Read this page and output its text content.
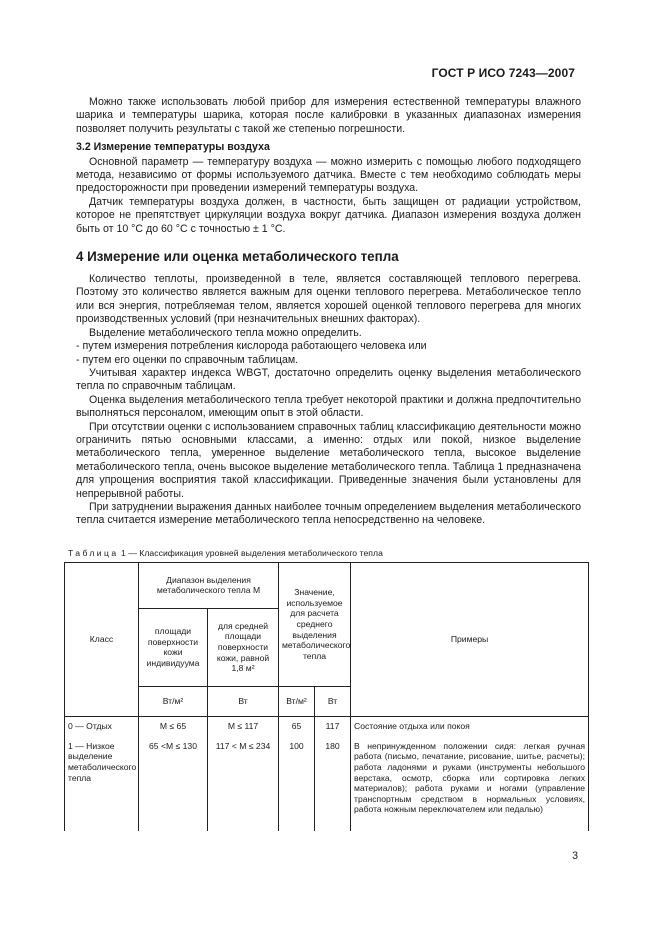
ГОСТ Р ИСО 7243—2007

Можно также использовать любой прибор для измерения естественной температуры влажного шарика и температуры шарика, которая после калибровки в указанных диапазонах измерения позволяет получить результаты с такой же степенью погрешности.

3.2 Измерение температуры воздуха

Основной параметр — температуру воздуха — можно измерить с помощью любого подходящего метода, независимо от формы используемого датчика. Вместе с тем необходимо соблюдать меры предосторожности при проведении измерений температуры воздуха.

Датчик температуры воздуха должен, в частности, быть защищен от радиации устройством, которое не препятствует циркуляции воздуха вокруг датчика. Диапазон измерения воздуха должен быть от 10 °С до 60 °С с точностью ± 1 °С.

4 Измерение или оценка метаболического тепла

Количество теплоты, произведенной в теле, является составляющей теплового перегрева. Поэтому это количество является важным для оценки теплового перегрева. Метаболическое тепло или вся энергия, потребляемая телом, является хорошей оценкой теплового перегрева для многих производственных условий (при незначительных внешних факторах).

Выделение метаболического тепла можно определить.

- путем измерения потребления кислорода работающего человека или

- путем его оценки по справочным таблицам.

Учитывая характер индекса WBGT, достаточно определить оценку выделения метаболического тепла по справочным таблицам.

Оценка выделения метаболического тепла требует некоторой практики и должна предпочтительно выполняться персоналом, имеющим опыт в этой области.

При отсутствии оценки с использованием справочных таблиц классификацию деятельности можно ограничить пятью основными классами, а именно: отдых или покой, низкое выделение метаболического тепла, умеренное выделение метаболического тепла, высокое выделение метаболического тепла, очень высокое выделение метаболического тепла. Таблица 1 предназначена для упрощения восприятия такой классификации. Приведенные значения были установлены для непрерывной работы.

При затруднении выражения данных наиболее точным определением выделения метаболического тепла считается измерение метаболического тепла непосредственно на человеке.

Таблица 1 — Классификация уровней выделения метаболического тепла
Класс	Диапазон выделения метаболического тепла М		Значение, используемое для расчета среднего выделения метаболического тепла		Примеры
	площади поверхности кожи индивидуума	для средней площади поверхности кожи, равной 1,8 м²			
	Вт/м²	Вт	Вт/м²	Вт	
0 — Отдых	М ≤ 65	М ≤ 117	65	117	Состояние отдыха или покоя
1 — Низкое выделение метаболического тепла	65 <М ≤ 130	117 < М ≤ 234	100	180	В непринужденном положении сидя: легкая ручная работа (письмо, печатание, рисование, шитье, расчеты); работа ладонями и руками (инструменты небольшого верстака, осмотр, сборка или сортировка легких материалов); работа руками и ногами (управление транспортным средством в нормальных условиях, работа ножным переключателем или педалью)
3
